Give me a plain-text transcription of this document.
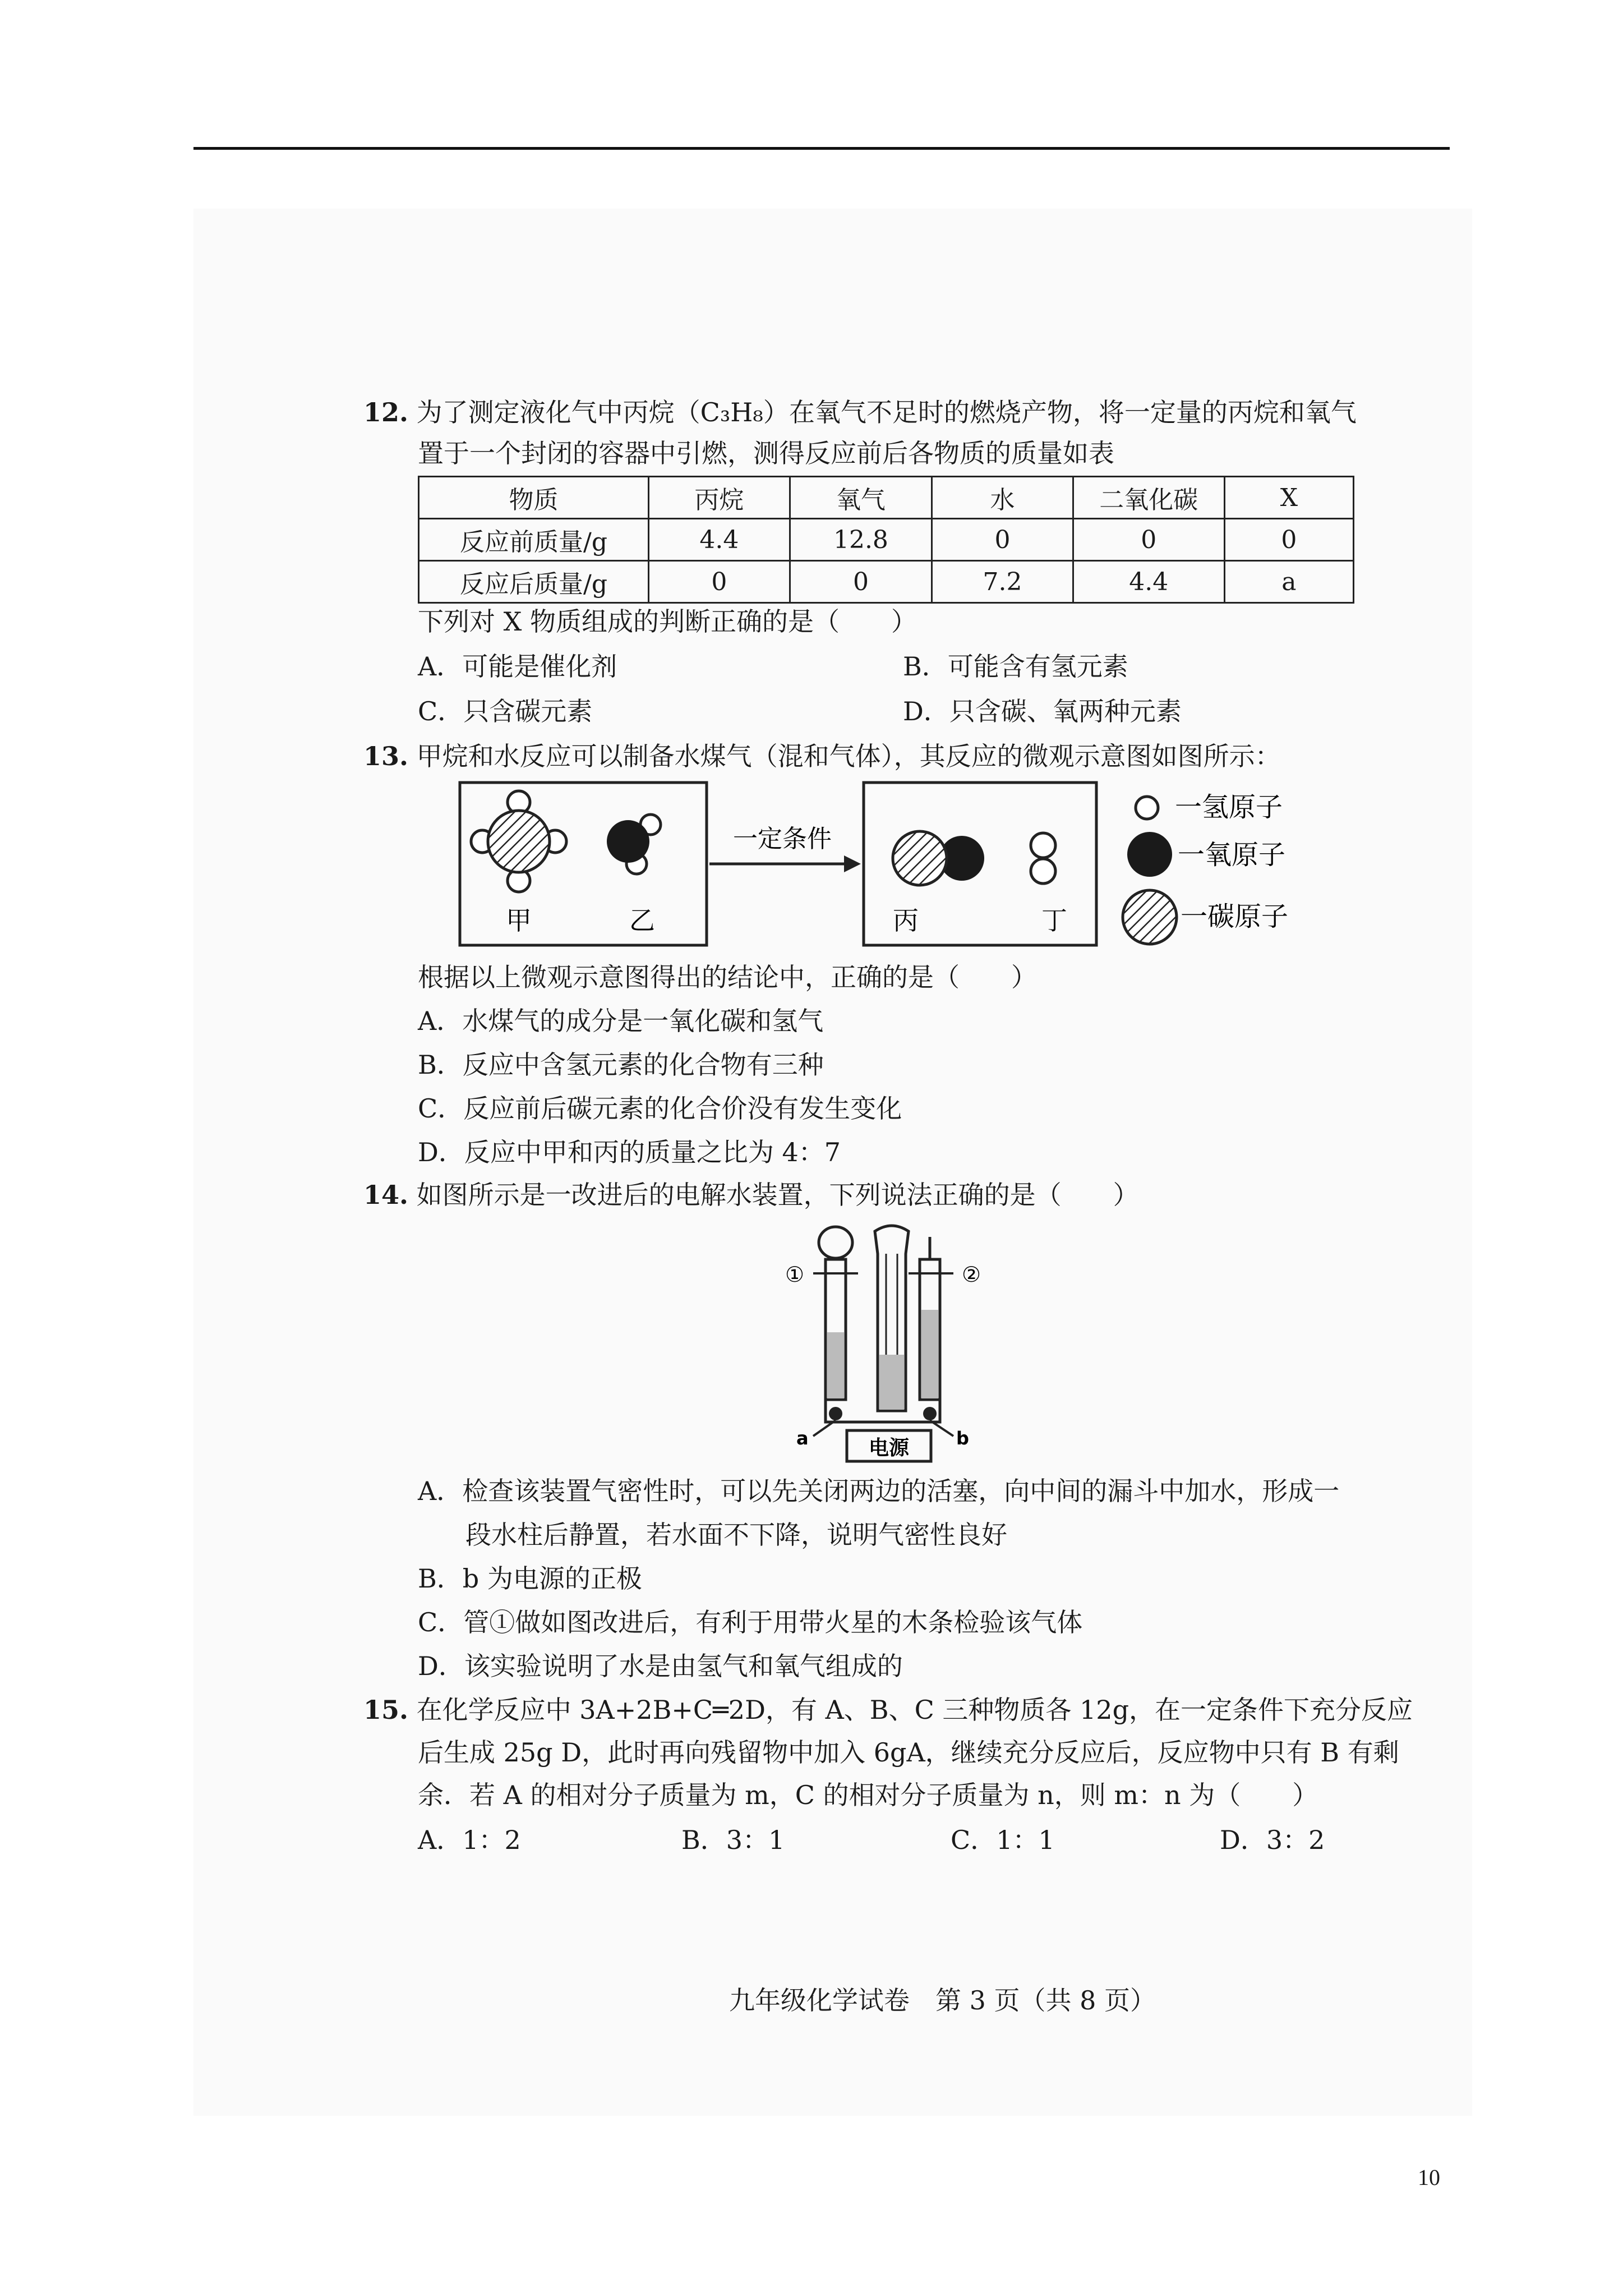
12. 为了测定液化气中丙烷（C₃H₈）在氧气不足时的燃烧产物，将一定量的丙烷和氧气
置于一个封闭的容器中引燃，测得反应前后各物质的质量如表
物质	丙烷	氧气	水	二氧化碳	X
反应前质量/g	4.4	12.8	0	0	0
反应后质量/g	0	0	7.2	4.4	a
下列对 X 物质组成的判断正确的是（　　）
A．可能是催化剂	B．可能含有氢元素
C．只含碳元素	D．只含碳、氧两种元素
13. 甲烷和水反应可以制备水煤气（混和气体），其反应的微观示意图如图所示：
甲	乙
一定条件
丙	丁
一氢原子
一氧原子
一碳原子
根据以上微观示意图得出的结论中，正确的是（　　）
A．水煤气的成分是一氧化碳和氢气
B．反应中含氢元素的化合物有三种
C．反应前后碳元素的化合价没有发生变化
D．反应中甲和丙的质量之比为 4：7
14. 如图所示是一改进后的电解水装置，下列说法正确的是（　　）
电源
①	②
a	b
A．检查该装置气密性时，可以先关闭两边的活塞，向中间的漏斗中加水，形成一
段水柱后静置，若水面不下降，说明气密性良好
B．b 为电源的正极
C．管①做如图改进后，有利于用带火星的木条检验该气体
D．该实验说明了水是由氢气和氧气组成的
15. 在化学反应中 3A+2B+C═2D，有 A、B、C 三种物质各 12g，在一定条件下充分反应
后生成 25g D，此时再向残留物中加入 6gA，继续充分反应后，反应物中只有 B 有剩
余．若 A 的相对分子质量为 m，C 的相对分子质量为 n，则 m：n 为（　　）
A．1：2	B．3：1	C．1：1	D．3：2
九年级化学试卷　第 3 页（共 8 页）
10
